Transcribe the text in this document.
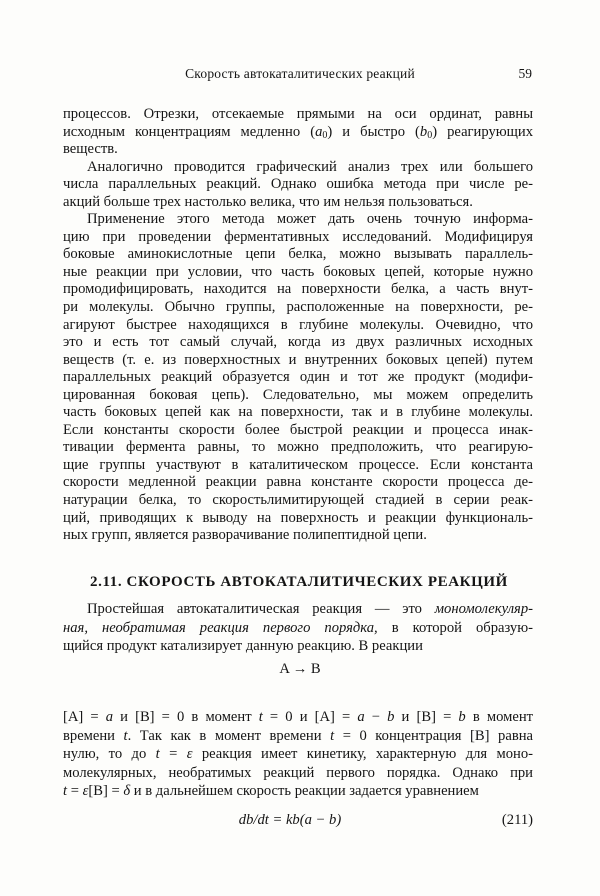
Скорость автокаталитических реакций	59
процессов. Отрезки, отсекаемые прямыми на оси ординат, равны
исходным концентрациям медленно $(a_0)$ и быстро $(b_0)$ реагирующих
веществ.
Аналогично проводится графический анализ трех или большего
числа параллельных реакций. Однако ошибка метода при числе ре-
акций больше трех настолько велика, что им нельзя пользоваться.
Применение этого метода может дать очень точную информа-
цию при проведении ферментативных исследований. Модифицируя
боковые аминокислотные цепи белка, можно вызывать параллель-
ные реакции при условии, что часть боковых цепей, которые нужно
промодифицировать, находится на поверхности белка, а часть внут-
ри молекулы. Обычно группы, расположенные на поверхности, ре-
агируют быстрее находящихся в глубине молекулы. Очевидно, что
это и есть тот самый случай, когда из двух различных исходных
веществ (т. е. из поверхностных и внутренних боковых цепей) путем
параллельных реакций образуется один и тот же продукт (модифи-
цированная боковая цепь). Следовательно, мы можем определить
часть боковых цепей как на поверхности, так и в глубине молекулы.
Если константы скорости более быстрой реакции и процесса инак-
тивации фермента равны, то можно предположить, что реагирую-
щие группы участвуют в каталитическом процессе. Если константа
скорости медленной реакции равна константе скорости процесса де-
натурации белка, то скоростьлимитирующей стадией в серии реак-
ций, приводящих к выводу на поверхность и реакции функциональ-
ных групп, является разворачивание полипептидной цепи.
2.11. СКОРОСТЬ АВТОКАТАЛИТИЧЕСКИХ РЕАКЦИЙ
Простейшая автокаталитическая реакция — это мономолекуляр-
ная, необратимая реакция первого порядка, в которой образую-
щийся продукт катализирует данную реакцию. В реакции
A → B
[A] = a и [B] = 0 в момент t = 0 и [A] = a − b и [B] = b в момент
времени t. Так как в момент времени t = 0 концентрация [B] равна
нулю, то до t = ε реакция имеет кинетику, характерную для моно-
молекулярных, необратимых реакций первого порядка. Однако при
t = ε[B] = δ и в дальнейшем скорость реакции задается уравнением
db/dt = kb(a − b)	(211)
